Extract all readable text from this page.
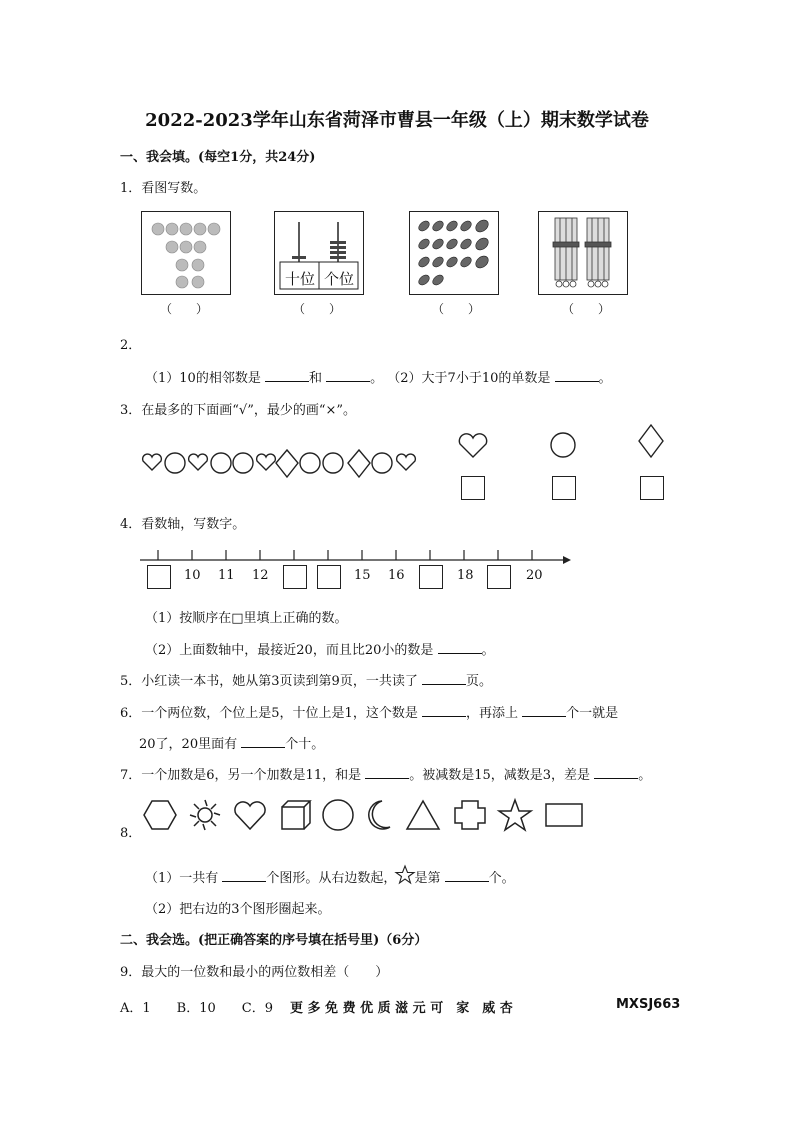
2022-2023学年山东省菏泽市曹县一年级（上）期末数学试卷
一、我会填。(每空1分，共24分)
1．看图写数。
（　　）
十位 个位
（　　）	（　　）	（　　）
2．
（1）10的相邻数是	和	。 （2）大于7小于10的单数是	。
3．在最多的下面画“√”，最少的画“×”。
4．看数轴，写数字。
10 11 12	15 16	18	20
（1）按顺序在□里填上正确的数。
（2）上面数轴中，最接近20，而且比20小的数是	。
5．小红读一本书，她从第3页读到第9页，一共读了	页。
6．一个两位数，个位上是5，十位上是1，这个数是	，再添上	个一就是
20了，20里面有	个十。
7．一个加数是6，另一个加数是11，和是	。被减数是15，减数是3，差是	。
8．
（1）一共有	个图形。从右边数起， 是第	个。
（2）把右边的3个图形圈起来。
二、我会选。(把正确答案的序号填在括号里)（6分）
9．最大的一位数和最小的两位数相差（　　）
A．1　　B．10　　C．9 更 多 免 费 优 质 滋 元 可　家　威 杏	MXSJ663
